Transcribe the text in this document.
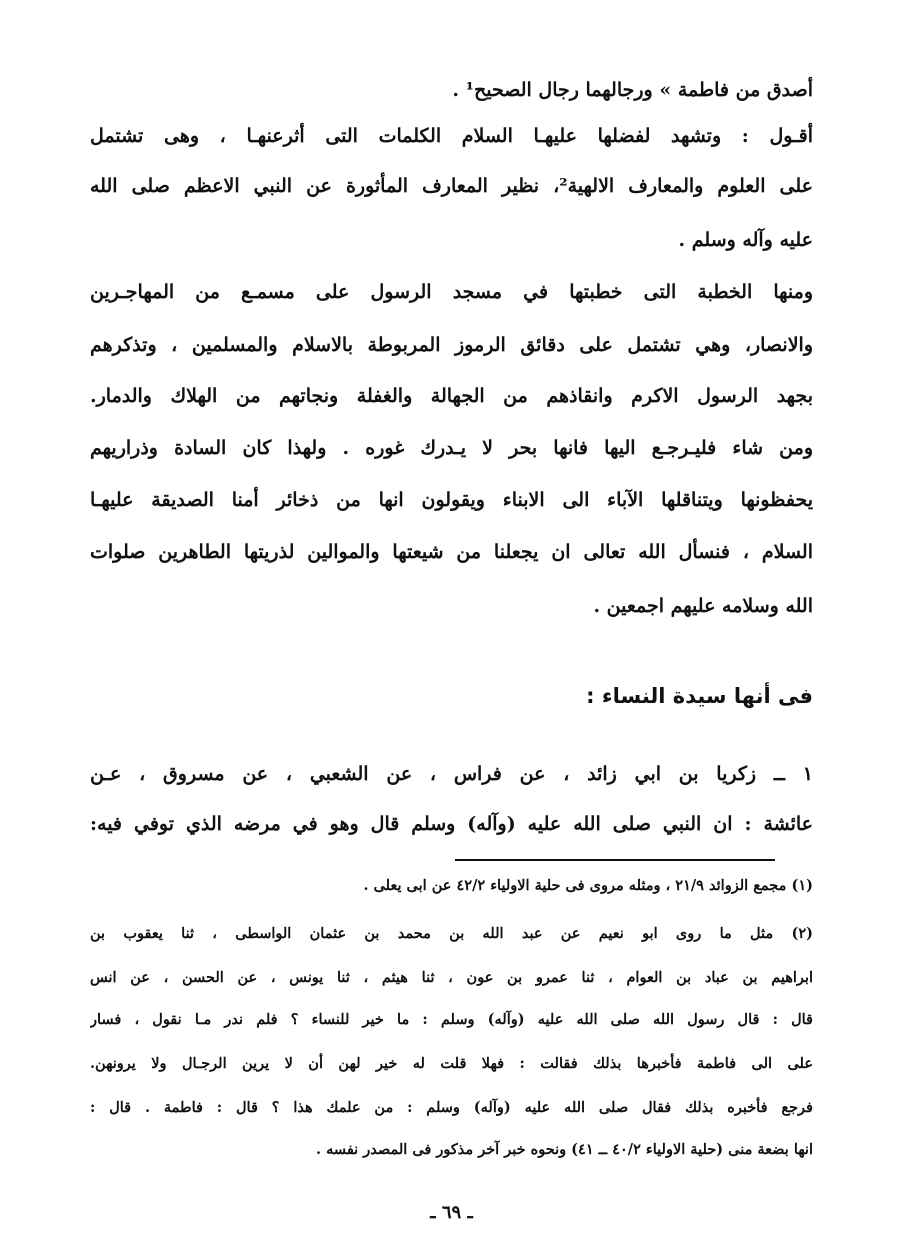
أصدق من فاطمة » ورجالهما رجال الصحيح¹ .
أقـول : وتشهد لفضلها عليهـا السلام الكلمات التى أثرعنهـا ، وهى تشتمل
على العلوم والمعارف الالهية²، نظير المعارف المأثورة عن النبي الاعظم صلى الله
عليه وآله وسلم .
ومنها الخطبة التى خطبتها في مسجد الرسول على مسمـع من المهاجـرين
والانصار، وهي تشتمل على دقائق الرموز المربوطة بالاسلام والمسلمين ، وتذكرهم
بجهد الرسول الاكرم وانقاذهم من الجهالة والغفلة ونجاتهم من الهلاك والدمار.
ومن شاء فليـرجـع اليها فانها بحر لا يـدرك غوره . ولهذا كان السادة وذراريهم
يحفظونها ويتناقلها الآباء الى الابناء ويقولون انها من ذخائر أمنا الصديقة عليهـا
السلام ، فنسأل الله تعالى ان يجعلنا من شيعتها والموالين لذريتها الطاهرين صلوات
الله وسلامه عليهم اجمعين .
فى أنها سيدة النساء :
١ ــ زكريا بن ابي زائد ، عن فراس ، عن الشعبي ، عن مسروق ، عـن
عائشة : ان النبي صلى الله عليه (وآله) وسلم قال وهو في مرضه الذي توفي فيه:
(١) مجمع الزوائد ٢١/٩ ، ومثله مروى فى حلية الاولياء ٤٢/٢ عن ابى يعلى .
(٢) مثل ما روى ابو نعيم عن عبد الله بن محمد بن عثمان الواسطى ، ثنا يعقوب بن
ابراهيم بن عباد بن العوام ، ثنا عمرو بن عون ، ثنا هيثم ، ثنا يونس ، عن الحسن ، عن انس
قال : قال رسول الله صلى الله عليه (وآله) وسلم : ما خير للنساء ؟ فلم ندر مـا نقول ، فسار
على الى فاطمة فأخبرها بذلك فقالت : فهلا قلت له خير لهن أن لا يرين الرجـال ولا يرونهن.
فرجع فأخبره بذلك فقال صلى الله عليه (وآله) وسلم : من علمك هذا ؟ قال : فاطمة . قال :
انها بضعة منى (حلية الاولياء ٤٠/٢ ــ ٤١) ونحوه خبر آخر مذكور فى المصدر نفسه .
ـ ٦٩ ـ
